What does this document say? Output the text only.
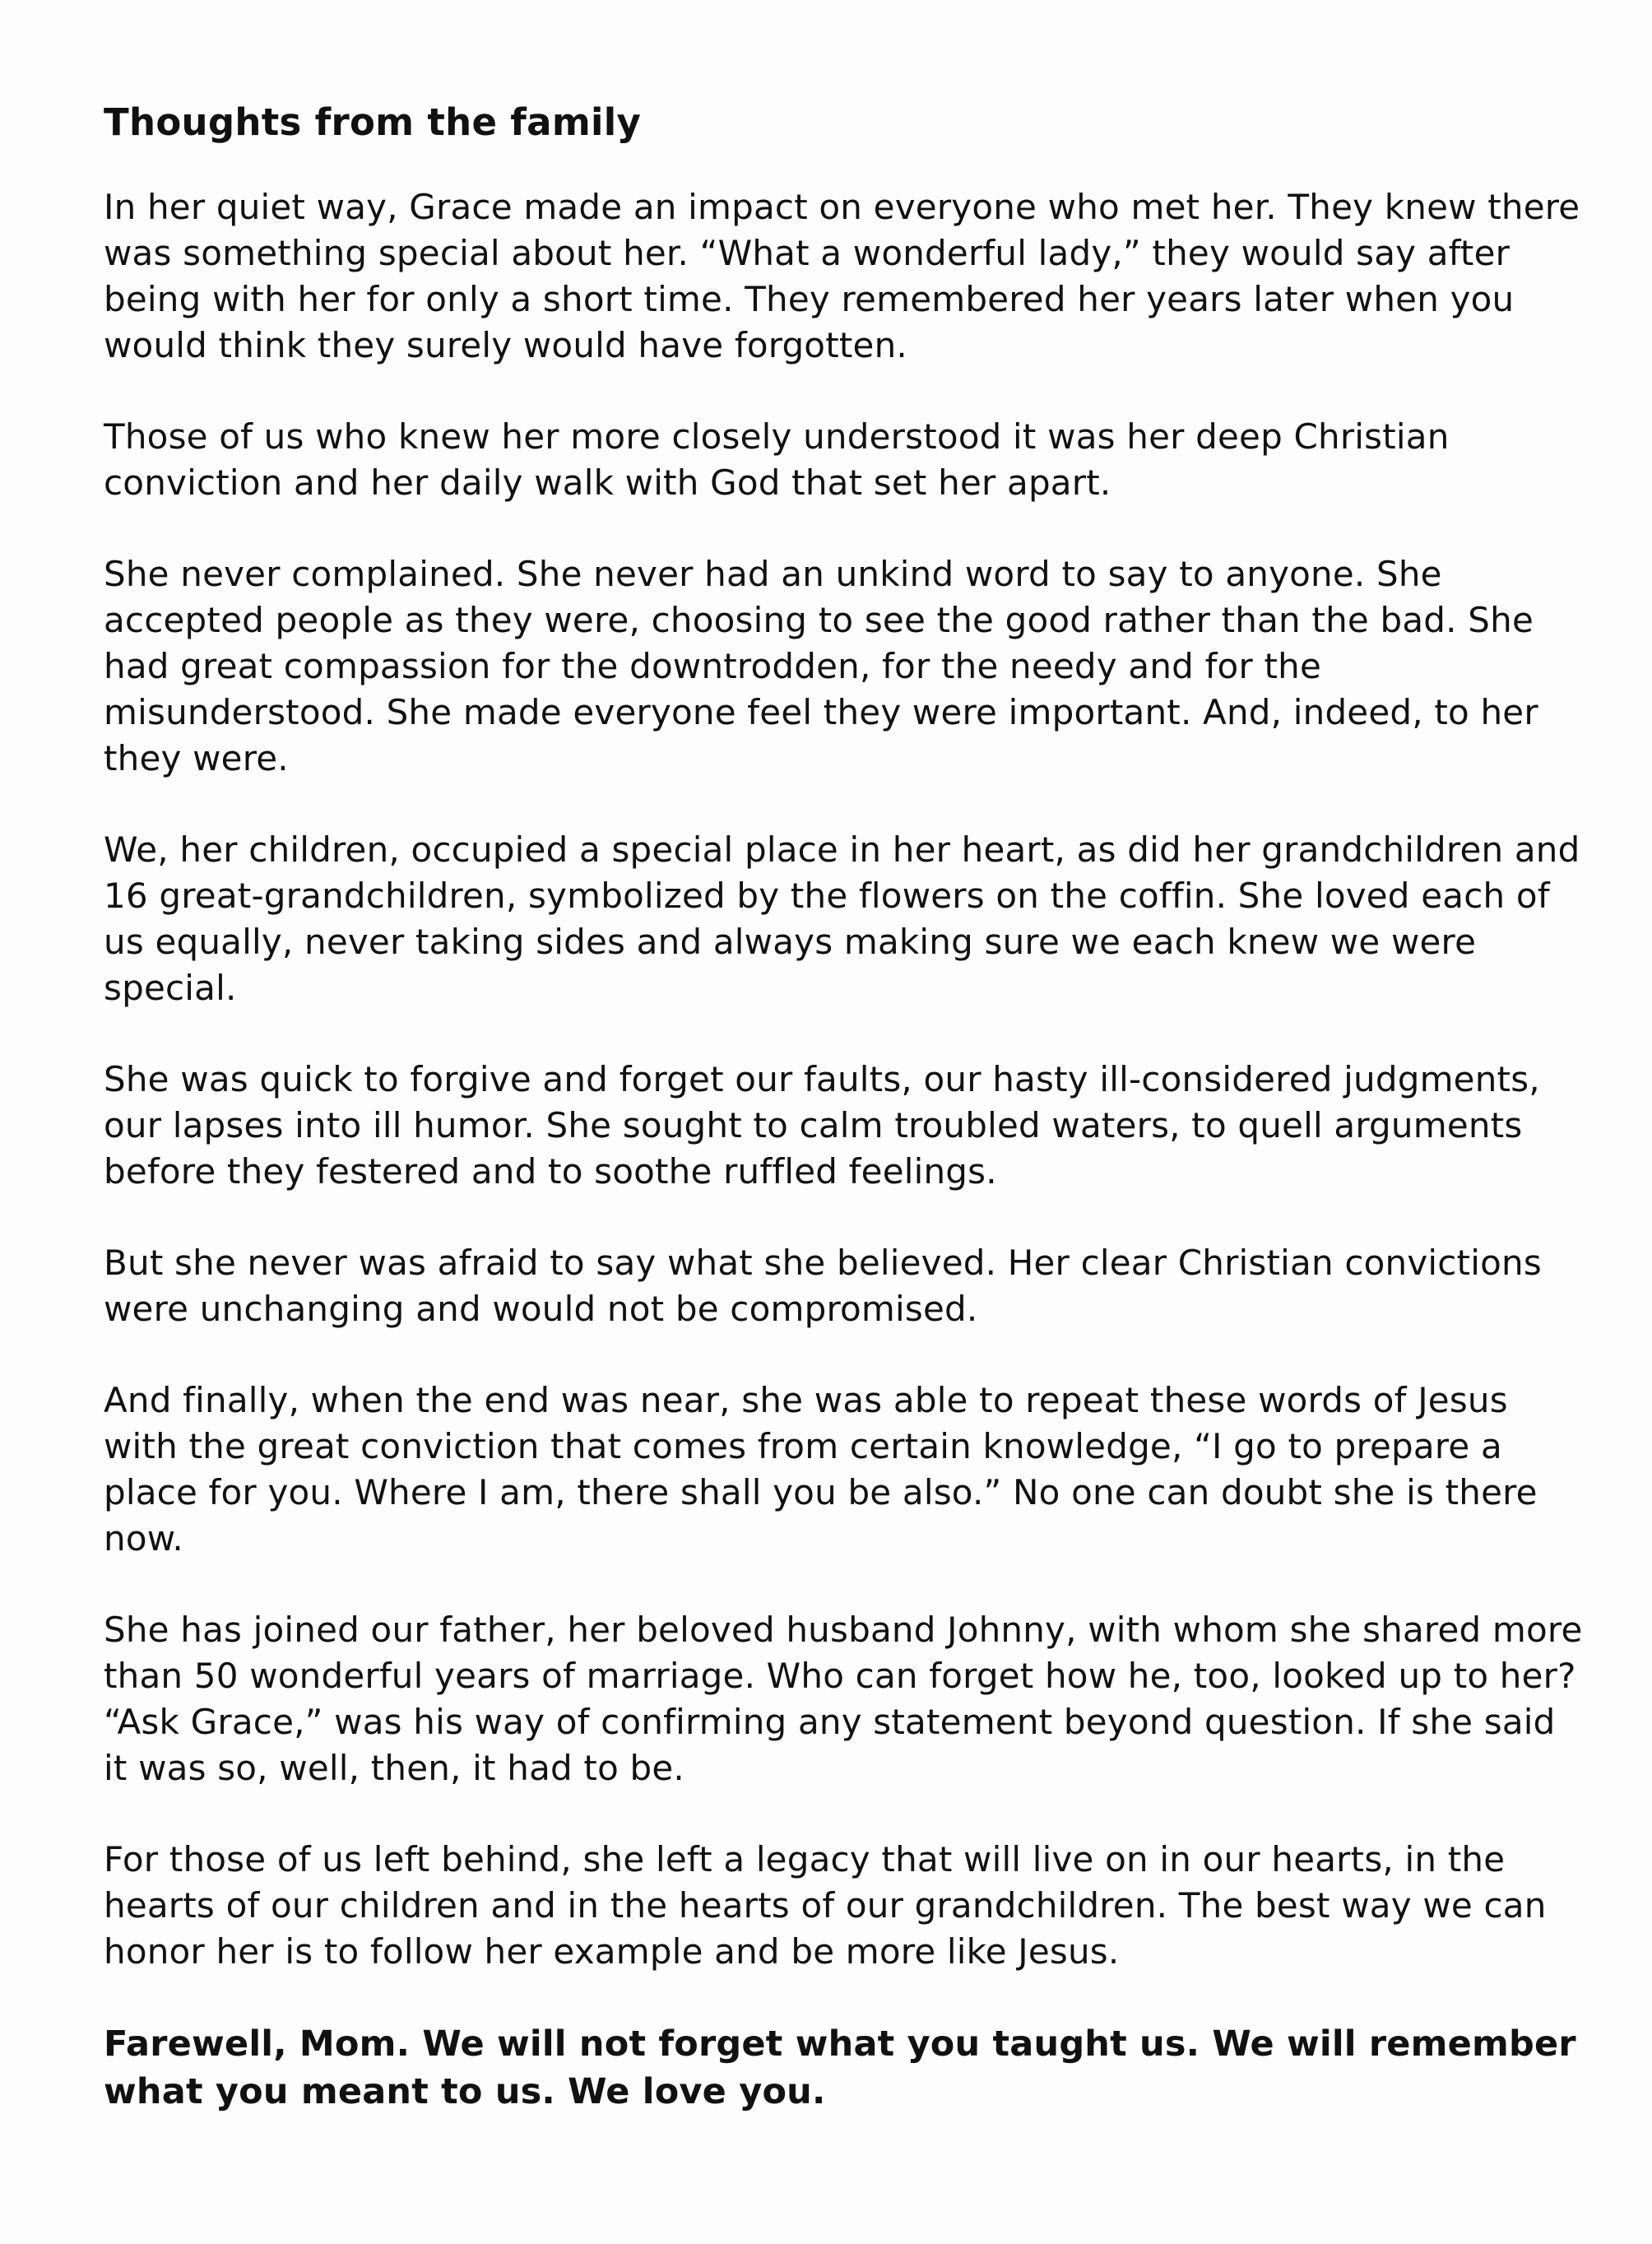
Thoughts from the family

In her quiet way, Grace made an impact on everyone who met her. They knew there was something special about her. “What a wonderful lady,” they would say after being with her for only a short time. They remembered her years later when you would think they surely would have forgotten.

Those of us who knew her more closely understood it was her deep Christian conviction and her daily walk with God that set her apart.

She never complained. She never had an unkind word to say to anyone. She accepted people as they were, choosing to see the good rather than the bad. She had great compassion for the downtrodden, for the needy and for the misunderstood. She made everyone feel they were important. And, indeed, to her they were.

We, her children, occupied a special place in her heart, as did her grandchildren and 16 great-grandchildren, symbolized by the flowers on the coffin. She loved each of us equally, never taking sides and always making sure we each knew we were special.

She was quick to forgive and forget our faults, our hasty ill-considered judgments, our lapses into ill humor. She sought to calm troubled waters, to quell arguments before they festered and to soothe ruffled feelings.

But she never was afraid to say what she believed. Her clear Christian convictions were unchanging and would not be compromised.

And finally, when the end was near, she was able to repeat these words of Jesus with the great conviction that comes from certain knowledge, “I go to prepare a place for you. Where I am, there shall you be also.” No one can doubt she is there now.

She has joined our father, her beloved husband Johnny, with whom she shared more than 50 wonderful years of marriage. Who can forget how he, too, looked up to her? “Ask Grace,” was his way of confirming any statement beyond question. If she said it was so, well, then, it had to be.

For those of us left behind, she left a legacy that will live on in our hearts, in the hearts of our children and in the hearts of our grandchildren. The best way we can honor her is to follow her example and be more like Jesus.

Farewell, Mom. We will not forget what you taught us. We will remember what you meant to us. We love you.
